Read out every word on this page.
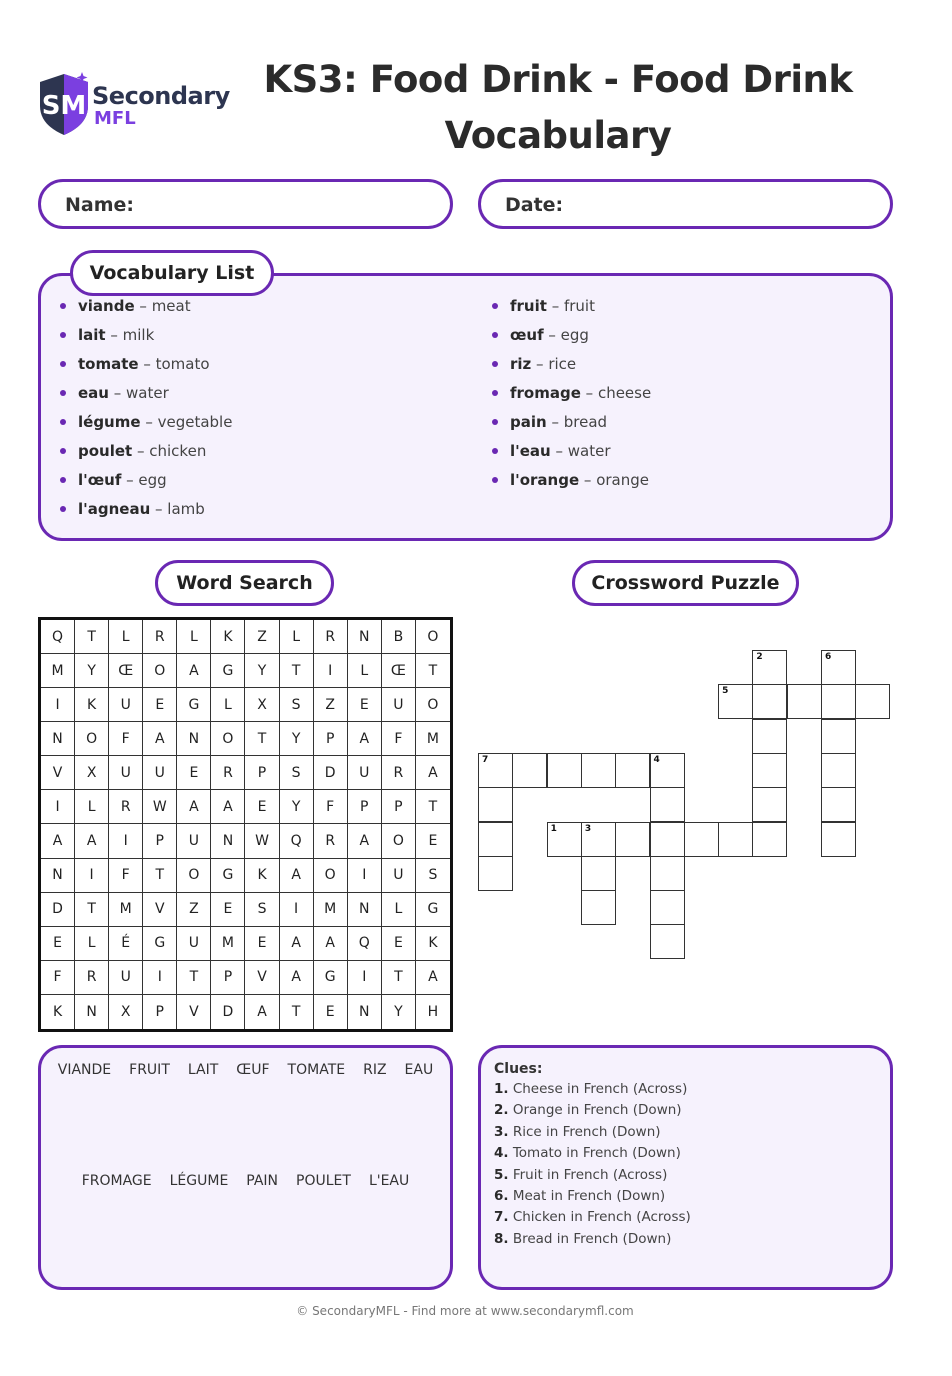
SM Secondary
MFL
KS3: Food Drink - Food Drink Vocabulary
Name:	Date:
Vocabulary List
viande – meat
lait – milk
tomate – tomato
eau – water
légume – vegetable
poulet – chicken
l'œuf – egg
l'agneau – lamb
fruit – fruit
œuf – egg
riz – rice
fromage – cheese
pain – bread
l'eau – water
l'orange – orange
Word Search	Crossword Puzzle
Q	T	L	R	L	K	Z	L	R	N	B	O
M	Y	Œ	O	A	G	Y	T	I	L	Œ	T
I	K	U	E	G	L	X	S	Z	E	U	O
N	O	F	A	N	O	T	Y	P	A	F	M
V	X	U	U	E	R	P	S	D	U	R	A
I	L	R	W	A	A	E	Y	F	P	P	T
A	A	I	P	U	N	W	Q	R	A	O	E
N	I	F	T	O	G	K	A	O	I	U	S
D	T	M	V	Z	E	S	I	M	N	L	G
E	L	É	G	U	M	E	A	A	Q	E	K
F	R	U	I	T	P	V	A	G	I	T	A
K	N	X	P	V	D	A	T	E	N	Y	H
1
2
3
4
5
6
7
VIANDE FRUIT LAIT ŒUF TOMATE RIZ EAU
FROMAGE LÉGUME PAIN POULET L'EAU
Clues:
1. Cheese in French (Across)
2. Orange in French (Down)
3. Rice in French (Down)
4. Tomato in French (Down)
5. Fruit in French (Across)
6. Meat in French (Down)
7. Chicken in French (Across)
8. Bread in French (Down)
© SecondaryMFL - Find more at www.secondarymfl.com
